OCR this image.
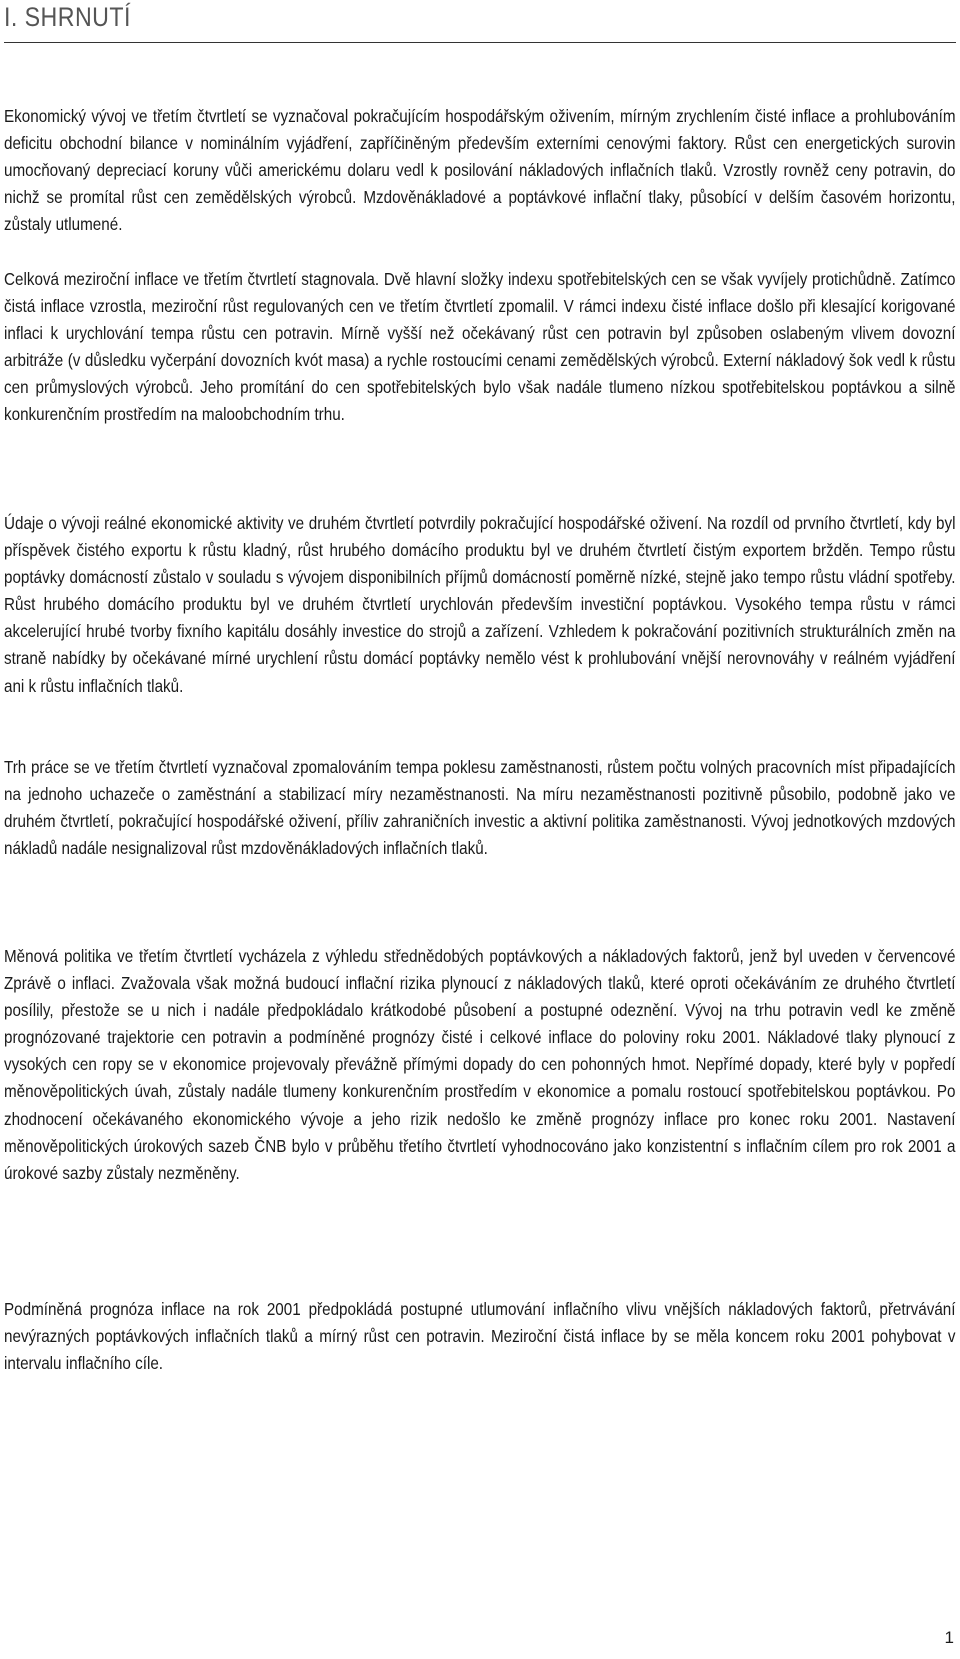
I. SHRNUTÍ

Ekonomický vývoj ve třetím čtvrtletí se vyznačoval pokračujícím hospodářským oživením, mírným zrychlením čisté inflace a prohlubováním deficitu obchodní bilance v nominálním vyjádření, zapříčiněným především externími cenovými faktory. Růst cen energetických surovin umocňovaný depreciací koruny vůči americkému dolaru vedl k posilování nákladových inflačních tlaků. Vzrostly rovněž ceny potravin, do nichž se promítal růst cen zemědělských výrobců. Mzdověnákladové a poptávkové inflační tlaky, působící v delším časovém horizontu, zůstaly utlumené.

Celková meziroční inflace ve třetím čtvrtletí stagnovala. Dvě hlavní složky indexu spotřebitelských cen se však vyvíjely protichůdně. Zatímco čistá inflace vzrostla, meziroční růst regulovaných cen ve třetím čtvrtletí zpomalil. V rámci indexu čisté inflace došlo při klesající korigované inflaci k urychlování tempa růstu cen potravin. Mírně vyšší než očekávaný růst cen potravin byl způsoben oslabeným vlivem dovozní arbitráže (v důsledku vyčerpání dovozních kvót masa) a rychle rostoucími cenami zemědělských výrobců. Externí nákladový šok vedl k růstu cen průmyslových výrobců. Jeho promítání do cen spotřebitelských bylo však nadále tlumeno nízkou spotřebitelskou poptávkou a silně konkurenčním prostředím na maloobchodním trhu.

Údaje o vývoji reálné ekonomické aktivity ve druhém čtvrtletí potvrdily pokračující hospodářské oživení. Na rozdíl od prvního čtvrtletí, kdy byl příspěvek čistého exportu k růstu kladný, růst hrubého domácího produktu byl ve druhém čtvrtletí čistým exportem bržděn. Tempo růstu poptávky domácností zůstalo v souladu s vývojem disponibilních příjmů domácností poměrně nízké, stejně jako tempo růstu vládní spotřeby. Růst hrubého domácího produktu byl ve druhém čtvrtletí urychlován především investiční poptávkou. Vysokého tempa růstu v rámci akcelerující hrubé tvorby fixního kapitálu dosáhly investice do strojů a zařízení. Vzhledem k pokračování pozitivních strukturálních změn na straně nabídky by očekávané mírné urychlení růstu domácí poptávky nemělo vést k prohlubování vnější nerovnováhy v reálném vyjádření ani k růstu inflačních tlaků.

Trh práce se ve třetím čtvrtletí vyznačoval zpomalováním tempa poklesu zaměstnanosti, růstem počtu volných pracovních míst připadajících na jednoho uchazeče o zaměstnání a stabilizací míry nezaměstnanosti. Na míru nezaměstnanosti pozitivně působilo, podobně jako ve druhém čtvrtletí, pokračující hospodářské oživení, příliv zahraničních investic a aktivní politika zaměstnanosti. Vývoj jednotkových mzdových nákladů nadále nesignalizoval růst mzdověnákladových inflačních tlaků.

Měnová politika ve třetím čtvrtletí vycházela z výhledu střednědobých poptávkových a nákladových faktorů, jenž byl uveden v červencové Zprávě o inflaci. Zvažovala však možná budoucí inflační rizika plynoucí z nákladových tlaků, které oproti očekáváním ze druhého čtvrtletí posílily, přestože se u nich i nadále předpokládalo krátkodobé působení a postupné odeznění. Vývoj na trhu potravin vedl ke změně prognózované trajektorie cen potravin a podmíněné prognózy čisté i celkové inflace do poloviny roku 2001. Nákladové tlaky plynoucí z vysokých cen ropy se v ekonomice projevovaly převážně přímými dopady do cen pohonných hmot. Nepřímé dopady, které byly v popředí měnověpolitických úvah, zůstaly nadále tlumeny konkurenčním prostředím v ekonomice a pomalu rostoucí spotřebitelskou poptávkou. Po zhodnocení očekávaného ekonomického vývoje a jeho rizik nedošlo ke změně prognózy inflace pro konec roku 2001. Nastavení měnověpolitických úrokových sazeb ČNB bylo v průběhu třetího čtvrtletí vyhodnocováno jako konzistentní s inflačním cílem pro rok 2001 a úrokové sazby zůstaly nezměněny.

Podmíněná prognóza inflace na rok 2001 předpokládá postupné utlumování inflačního vlivu vnějších nákladových faktorů, přetrvávání nevýrazných poptávkových inflačních tlaků a mírný růst cen potravin. Meziroční čistá inflace by se měla koncem roku 2001 pohybovat v intervalu inflačního cíle.

1
